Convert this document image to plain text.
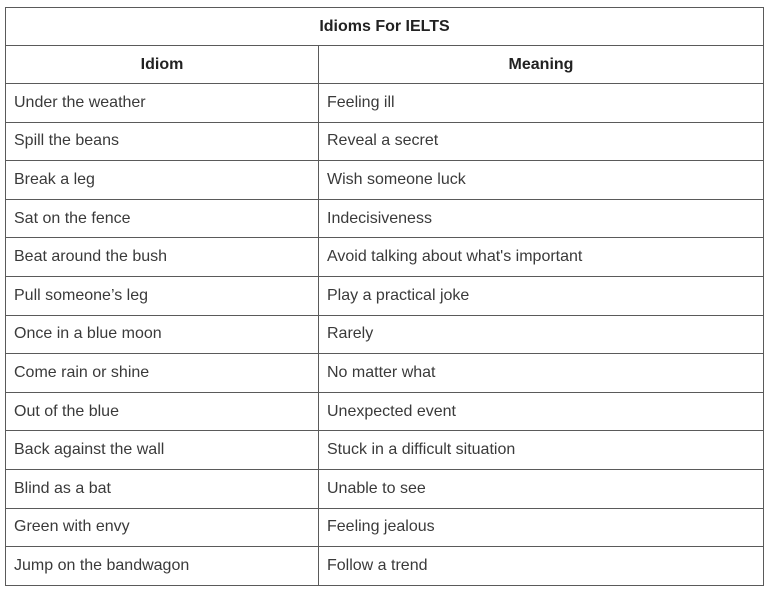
Idioms For IELTS	
Idiom	Meaning
Under the weather	Feeling ill
Spill the beans	Reveal a secret
Break a leg	Wish someone luck
Sat on the fence	Indecisiveness
Beat around the bush	Avoid talking about what's important
Pull someone’s leg	Play a practical joke
Once in a blue moon	Rarely
Come rain or shine	No matter what
Out of the blue	Unexpected event
Back against the wall	Stuck in a difficult situation
Blind as a bat	Unable to see
Green with envy	Feeling jealous
Jump on the bandwagon	Follow a trend
